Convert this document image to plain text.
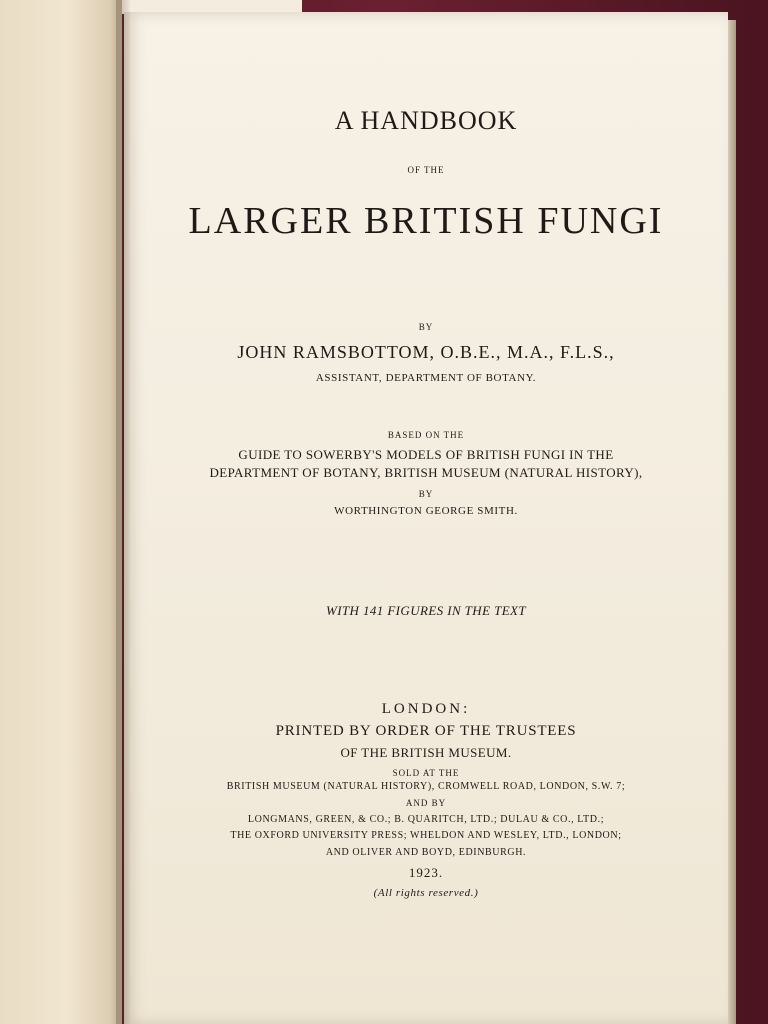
A HANDBOOK
OF THE
LARGER BRITISH FUNGI
BY
JOHN RAMSBOTTOM, O.B.E., M.A., F.L.S.,
ASSISTANT, DEPARTMENT OF BOTANY.
BASED ON THE
GUIDE TO SOWERBY'S MODELS OF BRITISH FUNGI IN THE
DEPARTMENT OF BOTANY, BRITISH MUSEUM (NATURAL HISTORY),
BY
WORTHINGTON GEORGE SMITH.
WITH 141 FIGURES IN THE TEXT
LONDON:
PRINTED BY ORDER OF THE TRUSTEES
OF THE BRITISH MUSEUM.
SOLD AT THE
BRITISH MUSEUM (NATURAL HISTORY), CROMWELL ROAD, LONDON, S.W. 7;
AND BY
LONGMANS, GREEN, & CO.; B. QUARITCH, LTD.; DULAU & CO., LTD.;
THE OXFORD UNIVERSITY PRESS; WHELDON AND WESLEY, LTD., LONDON;
AND OLIVER AND BOYD, EDINBURGH.
1923.
(All rights reserved.)
